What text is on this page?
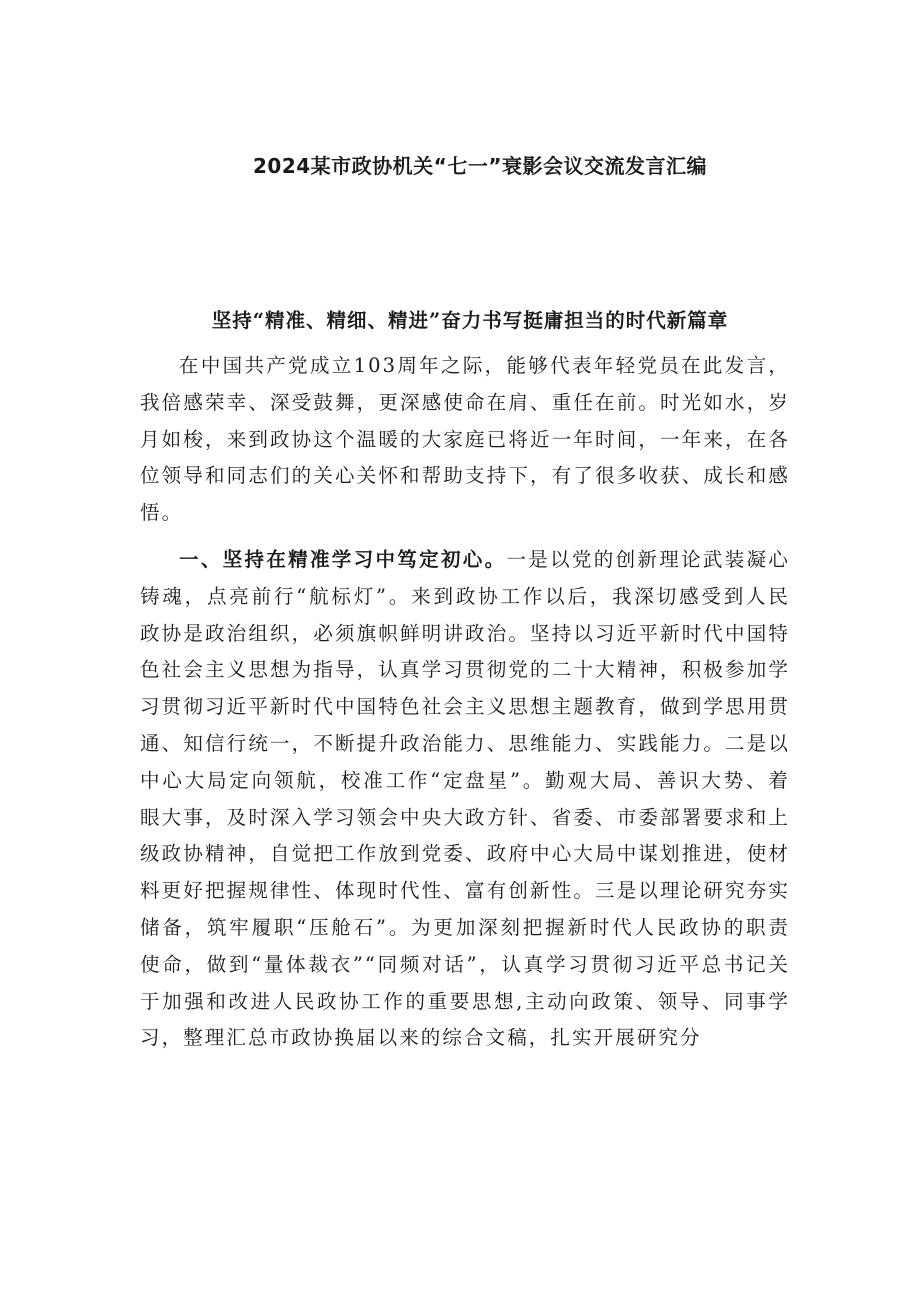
2024某市政协机关“七一”衰影会议交流发言汇编
坚持“精准、精细、精进”奋力书写挺庸担当的时代新篇章

在中国共产党成立103周年之际，能够代表年轻党员在此发言，我倍感荣幸、深受鼓舞，更深感使命在肩、重任在前。时光如水，岁月如梭，来到政协这个温暖的大家庭已将近一年时间，一年来，在各位领导和同志们的关心关怀和帮助支持下，有了很多收获、成长和感悟。

一、坚持在精准学习中笃定初心。一是以党的创新理论武装凝心铸魂，点亮前行“航标灯”。来到政协工作以后，我深切感受到人民政协是政治组织，必须旗帜鲜明讲政治。坚持以习近平新时代中国特色社会主义思想为指导，认真学习贯彻党的二十大精神，积极参加学习贯彻习近平新时代中国特色社会主义思想主题教育，做到学思用贯通、知信行统一，不断提升政治能力、思维能力、实践能力。二是以中心大局定向领航，校准工作“定盘星”。勤观大局、善识大势、着眼大事，及时深入学习领会中央大政方针、省委、市委部署要求和上级政协精神，自觉把工作放到党委、政府中心大局中谋划推进，使材料更好把握规律性、体现时代性、富有创新性。三是以理论研究夯实储备，筑牢履职“压舱石”。为更加深刻把握新时代人民政协的职责使命，做到“量体裁衣”“同频对话”，认真学习贯彻习近平总书记关于加强和改进人民政协工作的重要思想,主动向政策、领导、同事学习，整理汇总市政协换届以来的综合文稿，扎实开展研究分
